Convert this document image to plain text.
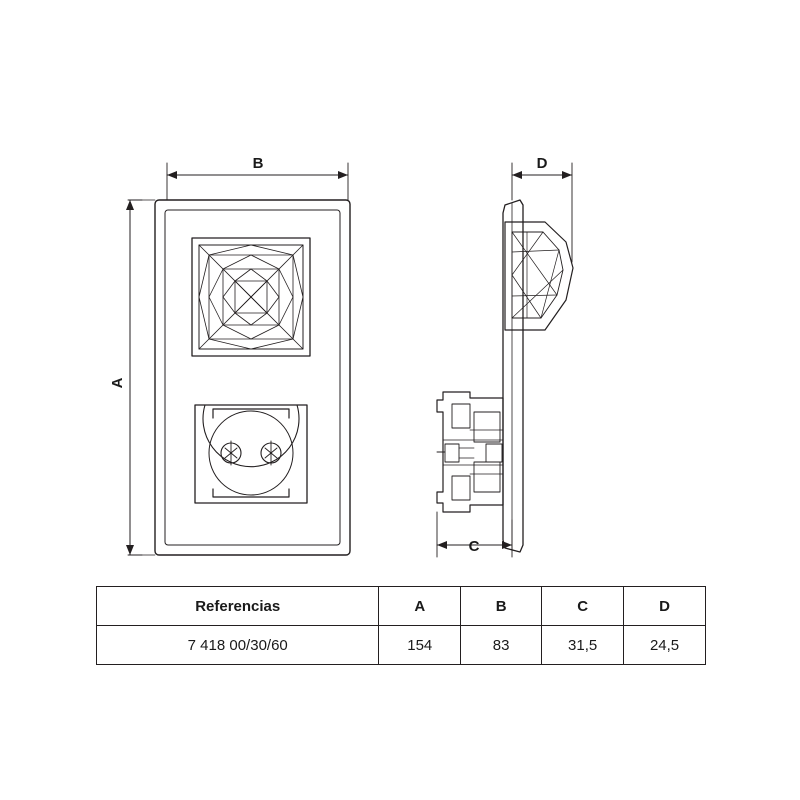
A
B
C
D
Referencias	A	B	C	D
7 418 00/30/60	154	83	31,5	24,5
